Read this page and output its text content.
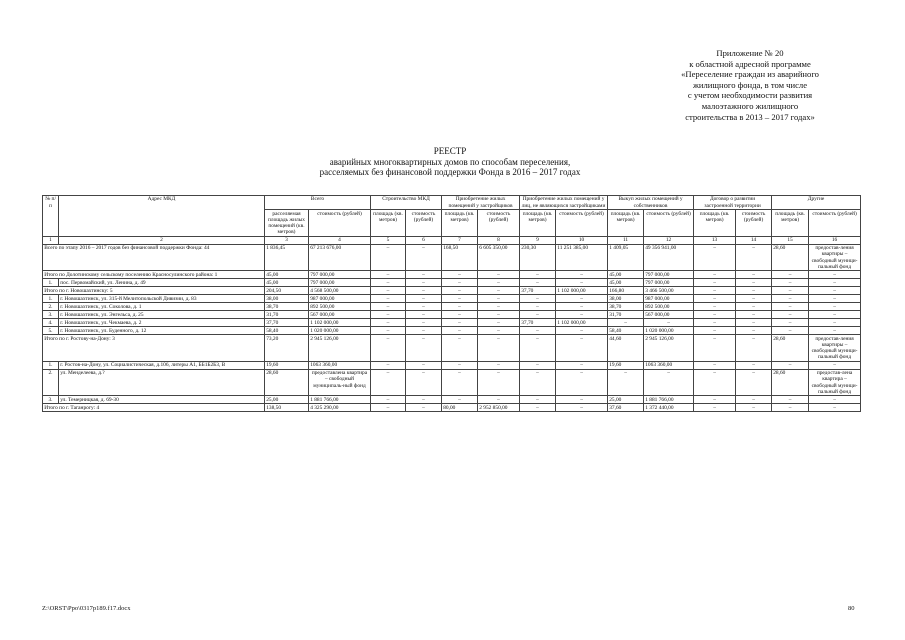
Приложение № 20
к областной адресной программе
«Переселение граждан из аварийного
жилищного фонда, в том числе
с учетом необходимости развития
малоэтажного жилищного
строительства в 2013 – 2017 годах»
РЕЕСТР
аварийных многоквартирных домов по способам переселения,
расселяемых без финансовой поддержки Фонда в 2016 – 2017 годах
№ п/п	Адрес МКД	Всего		Строительство МКД		Приобретение жилых помещений у застройщиков		Приобретение жилых помещений у лиц, не являющихся застройщиками		Выкуп жилых помещений у собственников		Договор о развитии застроенной территории		Другие	
		расселяемая площадь жилых помещений (кв. метров)	стоимость (рублей)	площадь (кв. метров)	стоимость (рублей)	площадь (кв. метров)	стоимость (рублей)	площадь (кв. метров)	стоимость (рублей)	площадь (кв. метров)	стоимость (рублей)	площадь (кв. метров)	стоимость (рублей)	площадь (кв. метров)	стоимость (рублей)
1	2	3	4	5	6	7	8	9	10	11	12	13	14	15	16
Всего по этапу 2016 – 2017 годов без финансовой поддержки Фонда: 44		1 836,45	67 213 676,00	–	–	168,50	6 605 350,00	230,30	11 251 385,00	1 409,05	49 356 941,00	–	–	28,60	предостав-ления квартиры – свободный муници-пальный фонд
Итого по Долотинскому сельскому поселению Красносулинского района: 1		45,00	797 000,00	–	–	–	–	–	–	45,00	797 000,00	–	–	–	–
1.	пос. Первомайский, ул. Ленина, д. 49	45,00	797 000,00	–	–	–	–	–	–	45,00	797 000,00	–	–	–	–
Итого по г. Новошахтинску: 5		204,50	4 568 500,00	–	–	–	–	37,70	1 102 000,00	166,80	3 466 500,00	–	–	–	–
1.	г. Новошахтинск, ул. 315-й Мелитопольской Дивизии, д. 83	38,00	987 000,00	–	–	–	–	–	–	38,00	987 000,00	–	–	–	–
2.	г. Новошахтинск, ул. Соколова, д. 1	38,70	892 500,00	–	–	–	–	–	–	38,70	892 500,00	–	–	–	–
3.	г. Новошахтинск, ул. Энгельса, д. 25	31,70	567 000,00	–	–	–	–	–	–	31,70	567 000,00	–	–	–	–
4.	г. Новошахтинск, ул. Чекмаева, д. 2	37,70	1 102 000,00	–	–	–	–	37,70	1 102 000,00	–	–	–	–	–	–
5.	г. Новошахтинск, ул. Буденного, д. 12	58,40	1 020 000,00	–	–	–	–	–	–	58,40	1 020 000,00	–	–	–	–
Итого по г. Ростову-на-Дону: 3		73,20	2 945 126,00	–	–	–	–	–	–	44,60	2 945 126,00	–	–	28,60	предостав-ления квартиры – свободный муници-пальный фонд
1.	г. Ростов-на-Дону, ул. Социалистическая, д.106, литеры А1, ББ1Б2Б3, В	19,60	1063 360,00	–	–	–	–	–	–	19,60	1063 360,00	–	–	–	–
2.	ул. Менделеева, д.?	28,60	предоставлена квартира – свободный муниципаль-ный фонд	–	–	–	–	–	–	–	–	–	–	28,60	предостав-лена квартира – свободный муници-пальный фонд
3.	ул. Темерницкая, д. 69-30	25,00	1 881 766,00	–	–	–	–	–	–	25,00	1 881 766,00	–	–	–	–
Итого по г. Таганрогу: 4		138,50	4 325 290,00	–	–	80,00	2 952 850,00	–	–	37,60	1 372 440,00	–	–	–	–
Z:\ORST\Ppo\0317p189.f17.docx	80
